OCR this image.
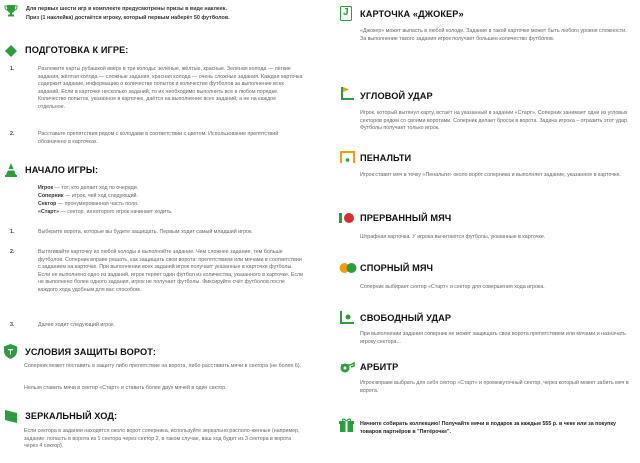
Для первых шести игр в комплекте предусмотрены призы в виде наклеек.
Приз (1 наклейка) достаётся игроку, который первым наберёт 50 футболов.
ПОДГОТОВКА К ИГРЕ:
1.	Разложите карты рубашкой вверх в три колоды: зелёные, жёлтые, красные. Зелёная колода — лёгкие задания, жёлтая колода — сложные задания, красная колода — очень сложные задания. Каждая карточка содержит задание, информацию о количестве попыток и количестве футболов за выполнение всех заданий. Если в карточке несколько заданий, то их необходимо выполнить все в любом порядке. Количество попыток, указанное в карточке, даётся на выполнение всех заданий, а не на каждое отдельное.
2.	Расставьте препятствия рядом с колодами в соответствии с цветом. Использование препятствий обозначено в карточках.
НАЧАЛО ИГРЫ:
Игрок — тот, кто делает ход по очереди.
Соперник — игрок, чей ход следующий.
Сектор — пронумерованная часть поля.
«Старт» — сектор, из которого игрок начинает ходить.
1.	Выберите ворота, которые вы будете защищать. Первым ходит самый младший игрок.
2.	Вытягивайте карточку из любой колоды и выполняйте задание. Чем сложнее задание, тем больше футболов. Соперник вправе решать, как защищать свои ворота: препятствием или мячами в соответствии с заданием на карточке. При выполнении всех заданий игрок получает указанные в карточке футболы. Если не выполнено одно из заданий, игрок теряет один футбол из количества, указанного в карточке. Если не выполнено более одного задания, игрок не получает футболы. Фиксируйте счёт футболов после каждого хода удобным для вас способом.
3.	Далее ходит следующий игрок.
УСЛОВИЯ ЗАЩИТЫ ВОРОТ:
Соперник может поставить в защиту либо препятствие на ворота, либо расставить мячи в сектора (не более 6).
Нельзя ставить мячи в сектор «Старт» и ставить более двух мячей в один сектор.
ЗЕРКАЛЬНЫЙ ХОД:
Если сектора в задании находятся около ворот соперника, используйте зеркально располо-женные (например, задание: попасть в ворота из 1 сектора через сектор 2, в таком случае, ваш ход будет из 3 сектора в ворота через 4 сектор).
J КАРТОЧКА «ДЖОКЕР»
«Джокер» может выпасть в любой колоде. Задание в такой карточке может быть любого уровня сложности. За выполнение такого задания игрок получает большее количество футболов.
УГЛОВОЙ УДАР
Игрок, который вытянул карту, встаёт на указанный в задании «Старт». Соперник занимает одни из угловых секторов рядом со своими воротами. Соперник делает бросок в ворота. Задача игрока – отразить этот удар. Футболы получает только игрок.
ПЕНАЛЬТИ
Игрок ставит мяч в точку «Пенальти» около ворот соперника и выполняет задание, указанное в карточке.
ПРЕРВАННЫЙ МЯЧ
Штрафная карточка. У игрока вычитаются футболы, указанные в карточке.
СПОРНЫЙ МЯЧ
Соперник выбирает сектор «Старт» и сектор для совершения хода игрока.
СВОБОДНЫЙ УДАР
При выполнении задания соперник не может защищать свои ворота препятствием или мячами и назначать игроку сектора...
АРБИТР
Игрок вправе выбрать для себя сектор «Старт» и промежуточный сектор, через который может забить мяч в ворота.
Начните собирать коллекцию! Получайте мячи в подарок за каждые 555 р. в чеке или за покупку товаров партнёров в "Пятёрочке".
